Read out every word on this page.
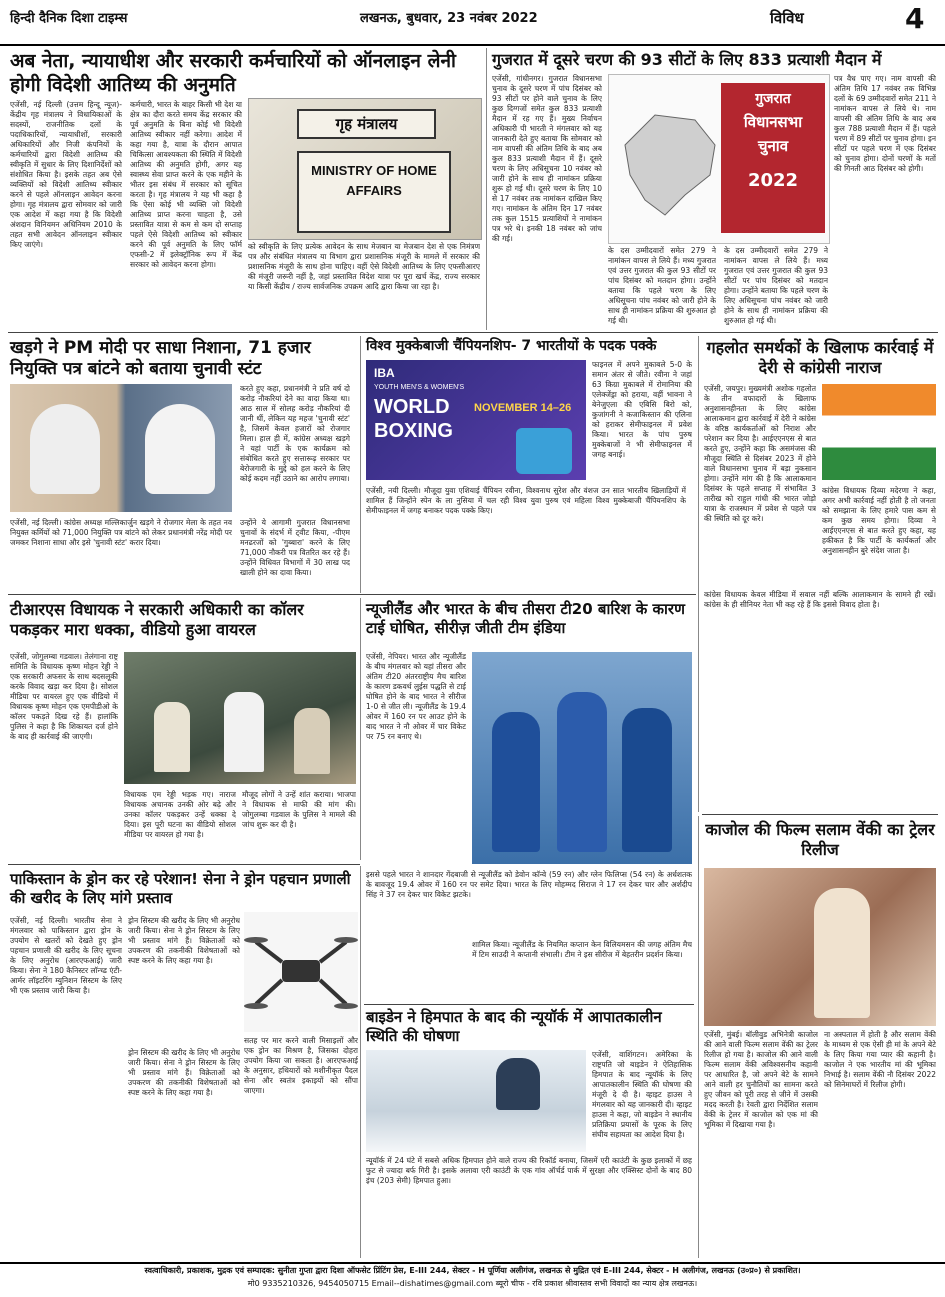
हिन्दी दैनिक दिशा टाइम्स	लखनऊ, बुधवार, 23 नवंबर 2022	विविध	4
अब नेता, न्यायाधीश और सरकारी कर्मचारियों को ऑनलाइन लेनी होगी विदेशी आतिथ्य की अनुमति
एजेंसी, नई दिल्ली (उत्तम हिन्दू न्यूज)- केंद्रीय गृह मंत्रालय ने विधायिकाओं के सदस्यों, राजनीतिक दलों के पदाधिकारियों, न्यायाधीशों, सरकारी अधिकारियों और निजी कंपनियों के कर्मचारियों द्वारा विदेशी आतिथ्य की स्वीकृति में सुधार के लिए दिशानिर्देशों को संशोधित किया है। इसके तहत अब ऐसे व्यक्तियों को विदेशी आतिथ्य स्वीकार करने से पहले ऑनलाइन आवेदन करना होगा। गृह मंत्रालय द्वारा सोमवार को जारी एक आदेश में कहा गया है कि विदेशी अंशदान विनियमन अधिनियम 2010 के तहत सभी आवेदन ऑनलाइन स्वीकार किए जाएंगे।
कर्मचारी, भारत के बाहर किसी भी देश या क्षेत्र का दौरा करते समय केंद्र सरकार की पूर्व अनुमति के बिना कोई भी विदेशी आतिथ्य स्वीकार नहीं करेगा। आदेश में कहा गया है, यात्रा के दौरान आपात चिकित्सा आवश्यकता की स्थिति में विदेशी आतिथ्य की अनुमति होगी, अगर यह स्वास्थ्य सेवा प्राप्त करने के एक महीने के भीतर इस संबंध में सरकार को सूचित करता है। गृह मंत्रालय ने यह भी कहा है कि ऐसा कोई भी व्यक्ति जो विदेशी आतिथ्य प्राप्त करना चाहता है, उसे प्रस्तावित यात्रा से कम से कम दो सप्ताह पहले ऐसे विदेशी आतिथ्य को स्वीकार करने की पूर्व अनुमति के लिए फॉर्म एफसी-2 में इलेक्ट्रॉनिक रूप में केंद्र सरकार को आवेदन करना होगा।
गृह मंत्रालय
MINISTRY OF HOME AFFAIRS
को स्वीकृति के लिए प्रत्येक आवेदन के साथ मेजबान या मेजबान देश से एक निमंत्रण पत्र और संबंधित मंत्रालय या विभाग द्वारा प्रशासनिक मंजूरी के मामले में सरकार की प्रशासनिक मंजूरी के साथ होना चाहिए। वहीं ऐसे विदेशी आतिथ्य के लिए एफसीआरए की मंजूरी जरूरी नहीं है, जहां प्रस्तावित विदेश यात्रा पर पूरा खर्च केंद्र, राज्य सरकार या किसी केंद्रीय / राज्य सार्वजनिक उपक्रम आदि द्वारा किया जा रहा है।
गुजरात में दूसरे चरण की 93 सीटों के लिए 833 प्रत्याशी मैदान में
एजेंसी, गांधीनगर। गुजरात विधानसभा चुनाव के दूसरे चरण में पांच दिसंबर को 93 सीटों पर होने वाले चुनाव के लिए कुछ दिग्गजों समेत कुल 833 प्रत्याशी मैदान में रह गए हैं। मुख्य निर्वाचन अधिकारी पी भारती ने मंगलवार को यह जानकारी देते हुए बताया कि सोमवार को नाम वापसी की अंतिम तिथि के बाद अब कुल 833 प्रत्याशी मैदान में हैं। दूसरे चरण के लिए अधिसूचना 10 नवंबर को जारी होने के साथ ही नामांकन प्रक्रिया शुरू हो गई थी। दूसरे चरण के लिए 10 से 17 नवंबर तक नामांकन दाखिल किए गए। नामांकन के अंतिम दिन 17 नवंबर तक कुल 1515 प्रत्याशियों ने नामांकन पत्र भरे थे। इनकी 18 नवंबर को जांच की गई।
गुजरात
विधानसभा
चुनाव
2022
के दस उम्मीदवारों समेत 279 ने नामांकन वापस ले लिये हैं। मध्य गुजरात एवं उत्तर गुजरात की कुल 93 सीटों पर पांच दिसंबर को मतदान होगा। उन्होंने बताया कि पहले चरण के लिए अधिसूचना पांच नवंबर को जारी होने के साथ ही नामांकन प्रक्रिया की शुरुआत हो गई थी।
के दस उम्मीदवारों समेत 279 ने नामांकन वापस ले लिये हैं। मध्य गुजरात एवं उत्तर गुजरात की कुल 93 सीटों पर पांच दिसंबर को मतदान होगा। उन्होंने बताया कि पहले चरण के लिए अधिसूचना पांच नवंबर को जारी होने के साथ ही नामांकन प्रक्रिया की शुरुआत हो गई थी।
पत्र वैध पाए गए। नाम वापसी की अंतिम तिथि 17 नवंबर तक विभिन्न दलों के 69 उम्मीदवारों समेत 211 ने नामांकन वापस ले लिये थे। नाम वापसी की अंतिम तिथि के बाद अब कुल 788 प्रत्याशी मैदान में हैं। पहले चरण में 89 सीटों पर चुनाव होगा। इन सीटों पर पहले चरण में एक दिसंबर को चुनाव होगा। दोनों चरणों के मतों की गिनती आठ दिसंबर को होगी।
खड़गे ने PM मोदी पर साधा निशाना, 71 हजार नियुक्ति पत्र बांटने को बताया चुनावी स्टंट
एजेंसी, नई दिल्ली। कांग्रेस अध्यक्ष मल्लिकार्जुन खड़गे ने रोजगार मेला के तहत नव नियुक्त कर्मियों को 71,000 नियुक्ति पत्र बांटने को लेकर प्रधानमंत्री नरेंद्र मोदी पर जमकर निशाना साधा और इसे 'चुनावी स्टंट' करार दिया।
करते हुए कहा, प्रधानमंत्री ने प्रति वर्ष दो करोड़ नौकरियां देने का वादा किया था। आठ साल में सोलह करोड़ नौकरियां दी जानी थीं, लेकिन यह महज 'चुनावी स्टंट' है, जिसमें केवल हजारों को रोजगार मिला। हाल ही में, कांग्रेस अध्यक्ष खड़गे ने यहां पार्टी के एक कार्यक्रम को संबोधित करते हुए सत्तारूढ़ सरकार पर बेरोजगारी के मुद्दे को हल करने के लिए कोई कदम नहीं उठाने का आरोप लगाया।
उन्होंने ये आगामी गुजरात विधानसभा चुनावों के संदर्भ में ट्वीट किया, -पीएम मनढरजों को 'गुब्बारा' करने के लिए 71,000 नौकरी पत्र वितरित कर रहे हैं। उन्होंने विधिवत विभागों में 30 लाख पद खाली होने का दावा किया।
विश्व मुक्केबाजी चैंपियनशिप- 7 भारतीयों के पदक पक्के
IBA
YOUTH MEN'S & WOMEN'S
WORLD
BOXING
NOVEMBER 14–26
एजेंसी, नयी दिल्ली। मौजूदा युवा एशियाई चैंपियन रवीना, विश्वनाथ सुरेश और वंशज उन सात भारतीय खिलाड़ियों में शामिल हैं जिन्होंने स्पेन के ला नुसिया में चल रही विश्व युवा पुरुष एवं महिला विश्व मुक्केबाजी चैंपियनशिप के सेमीफाइनल में जगह बनाकर पदक पक्के किए।
फाइनल में अपने मुकाबले 5-0 के समान अंतर से जीते। रवीना ने जहां 63 किग्रा मुकाबले में रोमानिया की एलेक्जेंड्रा को हराया, वहीं भावना ने बेनेजुएला की एबिसि बिरो को, कुजांगनी ने कजाकिस्तान की एलिना को हराकर सेमीफाइनल में प्रवेश किया। भारत के पांच पुरुष मुक्केबाजों ने भी सेमीफाइनल में जगह बनाई।
गहलोत समर्थकों के खिलाफ कार्रवाई में देरी से कांग्रेसी नाराज
एजेंसी, जयपुर। मुख्यमंत्री अशोक गहलोत के तीन वफादारों के खिलाफ अनुशासनहीनता के लिए कांग्रेस आलाकमान द्वारा कार्रवाई में देरी ने कांग्रेस के वरिष्ठ कार्यकर्ताओं को निराश और परेशान कर दिया है। आईएएनएस से बात करते हुए, उन्होंने कहा कि असमंजस की मौजूदा स्थिति से दिसंबर 2023 में होने वाले विधानसभा चुनाव में बड़ा नुकसान होगा। उन्होंने मांग की है कि आलाकमान दिसंबर के पहले सप्ताह में संभावित 3 तारीख को राहुल गांधी की भारत जोड़ो यात्रा के राजस्थान में प्रवेश से पहले पत्र की स्थिति को दूर करे।
कांग्रेस विधायक दिव्या मदेरणा ने कहा, अगर अभी कार्रवाई नहीं होती है तो जनता को समझाना के लिए हमारे पास कम से कम कुछ समय होगा। दिव्या ने आईएएनएस से बात करते हुए कहा, यह हकीकत है कि पार्टी के कार्यकर्ता और अनुशासनहीन बुरे संदेश जाता है।
कांग्रेस विधायक केवल मीडिया में सवाल नहीं बल्कि आलाकमान के सामने ही रखें। कांग्रेस के ही सीनियर नेता भी कह रहे हैं कि इससे विवाद होता है।
टीआरएस विधायक ने सरकारी अधिकारी का कॉलर पकड़कर मारा धक्का, वीडियो हुआ वायरल
एजेंसी, जोगुलम्बा गडवाल। तेलंगाना राष्ट्र समिति के विधायक कृष्ण मोहन रेड्डी ने एक सरकारी अफसर के साथ बदसलूकी करके विवाद खड़ा कर दिया है। सोशल मीडिया पर वायरल हुए एक वीडियो में विधायक कृष्ण मोहन एक एमपीडीओ के कॉलर पकड़ते दिख रहे हैं। हालांकि पुलिस ने कहा है कि शिकायत दर्ज होने के बाद ही कार्रवाई की जाएगी।
विधायक एम रेड्डी भड़क गए। नाराज विधायक अचानक उनकी ओर बढ़े और उनका कॉलर पकड़कर उन्हें धक्का दे दिया। इस पूरी घटना का वीडियो सोशल मीडिया पर वायरल हो गया है।
मौजूद लोगों ने उन्हें शांत कराया। भाजपा ने विधायक से माफी की मांग की। जोगुलम्बा गडवाल के पुलिस ने मामले की जांच शुरू कर दी है।
न्यूजीलैंड और भारत के बीच तीसरा टी20 बारिश के कारण टाई घोषित, सीरीज़ जीती टीम इंडिया
एजेंसी, नेपियर। भारत और न्यूजीलैंड के बीच मंगलवार को यहां तीसरा और अंतिम टी20 अंतरराष्ट्रीय मैच बारिश के कारण डकवर्थ लुईस पद्धति से टाई घोषित होने के बाद भारत ने सीरीज 1-0 से जीत ली। न्यूजीलैंड के 19.4 ओवर में 160 रन पर आउट होने के बाद भारत ने नौ ओवर में चार विकेट पर 75 रन बनाए थे।
इससे पहले भारत ने शानदार गेंदबाजी से न्यूजीलैंड को डेवोन कॉन्वे (59 रन) और ग्लेन फिलिप्स (54 रन) के अर्धशतक के बावजूद 19.4 ओवर में 160 रन पर समेट दिया। भारत के लिए मोहम्मद सिराज ने 17 रन देकर चार और अर्शदीप सिंह ने 37 रन देकर चार विकेट झटके।
शामिल किया। न्यूजीलैंड के नियमित कप्तान केन विलियमसन की जगह अंतिम मैच में टिम साउदी ने कप्तानी संभाली। टीम ने इस सीरीज में बेहतरीन प्रदर्शन किया।
पाकिस्तान के ड्रोन कर रहे परेशान! सेना ने ड्रोन पहचान प्रणाली की खरीद के लिए मांगे प्रस्ताव
एजेंसी, नई दिल्ली। भारतीय सेना ने मंगलवार को पाकिस्तान द्वारा ड्रोन के उपयोग से खतरों को देखते हुए ड्रोन पहचान प्रणाली की खरीद के लिए सूचना के लिए अनुरोध (आरएफआई) जारी किया। सेना ने 180 कैनिस्टर लॉन्च्ड एंटी-आर्मर लॉइटरिंग म्युनिशन सिस्टम के लिए भी एक प्रस्ताव जारी किया है।
ड्रोन सिस्टम की खरीद के लिए भी अनुरोध जारी किया। सेना ने ड्रोन सिस्टम के लिए भी प्रस्ताव मांगे हैं। विक्रेताओं को उपकरण की तकनीकी विशेषताओं को स्पष्ट करने के लिए कहा गया है।
सतह पर मार करने वाली मिसाइलों और एक ड्रोन का मिश्रण है, जिसका दोहरा उपयोग किया जा सकता है। आरएफआई के अनुसार, हथियारों को मशीनीकृत पैदल सेना और स्वतंत्र इकाइयों को सौंपा जाएगा।
ड्रोन सिस्टम की खरीद के लिए भी अनुरोध जारी किया। सेना ने ड्रोन सिस्टम के लिए भी प्रस्ताव मांगे हैं। विक्रेताओं को उपकरण की तकनीकी विशेषताओं को स्पष्ट करने के लिए कहा गया है।
बाइडेन ने हिमपात के बाद की न्यूयॉर्क में आपातकालीन स्थिति की घोषणा
एजेंसी, वाशिंगटन। अमेरिका के राष्ट्रपति जो बाइडेन ने ऐतिहासिक हिमपात के बाद न्यूयॉर्क के लिए आपातकालीन स्थिति की घोषणा की मंजूरी दे दी है। व्हाइट हाउस ने मंगलवार को यह जानकारी दी। व्हाइट हाउस ने कहा, जो बाइडेन ने स्थानीय प्रतिक्रिया प्रयासों के पूरक के लिए संघीय सहायता का आदेश दिया है।
न्यूयॉर्क में 24 घंटे में सबसे अधिक हिमपात होने वाले राज्य की रिकॉर्ड बनाया, जिसमें एरी काउंटी के कुछ इलाकों में छह फुट से ज्यादा बर्फ गिरी है। इसके अलावा एरी काउंटी के एक गांव ऑर्चर्ड पार्क में सुरक्षा और एक्सिस्ट दोनों के बाद 80 इंच (203 सेमी) हिमपात हुआ।
काजोल की फिल्म सलाम वेंकी का ट्रेलर रिलीज
एजेंसी, मुंबई। बॉलीवुड अभिनेत्री काजोल की आने वाली फिल्म सलाम वेंकी का ट्रेलर रिलीज हो गया है। काजोल की आने वाली फिल्म सलाम वेंकी अविश्वसनीय कहानी पर आधारित है, जो अपने बेटे के सामने आने वाली हर चुनौतियों का सामना करते हुए जीवन को पूरी तरह से जीने में उसकी मदद करती है। रेवती द्वारा निर्देशित सलाम वेंकी के ट्रेलर में काजोल को एक मां की भूमिका में दिखाया गया है।
ना अस्पताल में होती है और सलाम वेंकी के माध्यम से एक ऐसी ही मां के अपने बेटे के लिए किया गया प्यार की कहानी है। काजोल ने एक भारतीय मां की भूमिका निभाई है। सलाम वेंकी नौ दिसंबर 2022 को सिनेमाघरों में रिलीज होगी।
स्वत्वाधिकारी, प्रकाशक, मुद्रक एवं सम्पादक: सुनीता गुप्ता द्वारा दिशा ऑफसेट प्रिंटिंग प्रेस, E-III 244, सेक्टर - H पूर्णिया अलीगंज, लखनऊ से मुद्रित एवं E-III 244, सेक्टर - H अलीगंज, लखनऊ (उ०प्र०) से प्रकाशित।
मो0 9335210326, 9454050715 Email--dishatimes@gmail.com ब्यूरो चीफ - रवि प्रकाश श्रीवास्तव सभी विवादों का न्याय क्षेत्र लखनऊ।
